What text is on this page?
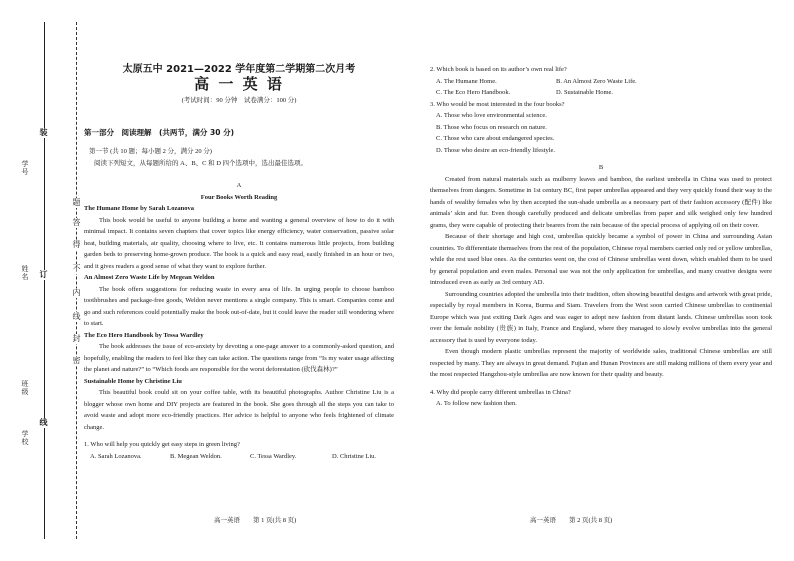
学号
姓名
班级
学校
装
订
线
题
答
得
不
内
线
封
密
太原五中 2021—2022 学年度第二学期第二次月考
高 一 英 语
(考试时间：90 分钟　试卷满分：100 分)
第一部分　阅读理解　(共两节，满分 30 分)
第一节 (共 10 题；每小题 2 分，满分 20 分)
阅读下列短文，从每题所给的 A、B、C 和 D 四个选项中，选出最佳选项。

A

Four Books Worth Reading

The Humane Home by Sarah Lozanova

This book would be useful to anyone building a home and wanting a general overview of how to do it with minimal impact. It contains seven chapters that cover topics like energy efficiency, water conservation, passive solar heat, building materials, air quality, choosing where to live, etc. It contains numerous little projects, from building garden beds to preserving home-grown produce. The book is a quick and easy read, easily finished in an hour or two, and it gives readers a good sense of what they want to explore further.

An Almost Zero Waste Life by Megean Weldon

The book offers suggestions for reducing waste in every area of life. In urging people to choose bamboo toothbrushes and package-free goods, Weldon never mentions a single company. This is smart. Companies come and go and such references could potentially make the book out-of-date, but it could leave the reader still wondering where to start.

The Eco Hero Handbook by Tessa Wardley

The book addresses the issue of eco-anxiety by devoting a one-page answer to a commonly-asked question, and hopefully, enabling the readers to feel like they can take action. The questions range from “Is my water usage affecting the planet and nature?” to “Which foods are responsible for the worst deforestation (砍伐森林)?”

Sustainable Home by Christine Liu

This beautiful book could sit on your coffee table, with its beautiful photographs. Author Christine Liu is a blogger whose own home and DIY projects are featured in the book. She goes through all the steps you can take to avoid waste and adopt more eco-friendly practices. Her advice is helpful to anyone who feels frightened of climate change.

1. Who will help you quickly get easy steps in green living?

A. Sarah Lozanova.	B. Megean Weldon.	C. Tessa Wardley.	D. Christine Liu.
高一英语　　第 1 页(共 8 页)

2. Which book is based on its author’s own real life?

A. The Humane Home.	B. An Almost Zero Waste Life.
C. The Eco Hero Handbook.	D. Sustainable Home.

3. Who would be most interested in the four books?

A. Those who love environmental science.

B. Those who focus on research on nature.

C. Those who care about endangered species.

D. Those who desire an eco-friendly lifestyle.

B

Created from natural materials such as mulberry leaves and bamboo, the earliest umbrella in China was used to protect themselves from dangers. Sometime in 1st century BC, first paper umbrellas appeared and they very quickly found their way to the hands of wealthy females who by then accepted the sun-shade umbrella as a necessary part of their fashion accessory (配件) like animals’ skin and fur. Even though carefully produced and delicate umbrellas from paper and silk weighed only few hundred grams, they were capable of protecting their bearers from the rain because of the special process of applying oil on their cover.

Because of their shortage and high cost, umbrellas quickly became a symbol of power in China and surrounding Asian countries. To differentiate themselves from the rest of the population, Chinese royal members carried only red or yellow umbrellas, while the rest used blue ones. As the centuries went on, the cost of Chinese umbrellas went down, which enabled them to be used by general population and even males. Personal use was not the only application for umbrellas, and many creative designs were introduced even as early as 3rd century AD.

Surrounding countries adopted the umbrella into their tradition, often showing beautiful designs and artwork with great pride, especially by royal members in Korea, Burma and Siam. Travelers from the West soon carried Chinese umbrellas to continental Europe which was just exiting Dark Ages and was eager to adopt new fashion from distant lands. Chinese umbrellas soon took over the female nobility (贵族) in Italy, France and England, where they managed to slowly evolve umbrellas into the general accessory that is used by everyone today.

Even though modern plastic umbrellas represent the majority of worldwide sales, traditional Chinese umbrellas are still respected by many. They are always in great demand. Fujian and Hunan Provinces are still making millions of them every year and the most respected Hangzhou-style umbrellas are now known for their quality and beauty.

4. Why did people carry different umbrellas in China?

A. To follow new fashion then.

高一英语　　第 2 页(共 8 页)
